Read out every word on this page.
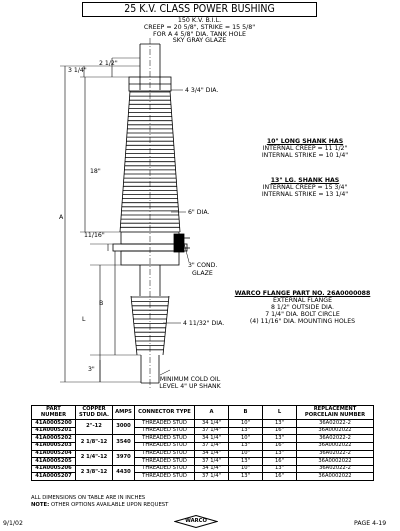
25 K.V. CLASS POWER BUSHING
150 K.V. B.I.L.
CREEP = 20 5/8", STRIKE = 15 5/8"
FOR A 4 5/8" DIA. TANK HOLE
SKY GRAY GLAZE
2 1/2"
3 1/4"
4 3/4" DIA.
18"
A
6" DIA.
11/16"
3" COND.
GLAZE
B
L
4 11/32" DIA.
3"
10" LONG SHANK HAS
INTERNAL CREEP = 11 1/2"
INTERNAL STRIKE = 10 1/4"
13" LG. SHANK HAS
INTERNAL CREEP = 15 3/4"
INTERNAL STRIKE = 13 1/4"
WARCO FLANGE PART NO. 26A0000088
EXTERNAL FLANGE
8 1/2" OUTSIDE DIA.
7 1/4" DIA. BOLT CIRCLE
(4) 11/16" DIA. MOUNTING HOLES
MINIMUM COLD OIL
LEVEL 4" UP SHANK
PART NUMBER	COPPER STUD DIA.	AMPS	CONNECTOR TYPE	A	B	L	REPLACEMENT PORCELAIN NUMBER
41A0005200	2"-12	3000	THREADED STUD	34 1/4"	10"	13"	36A02022-2
41A0005201			THREADED STUD	37 1/4"	13"	16"	36A0002022
41A0005202	2 1/8"-12	3540	THREADED STUD	34 1/4"	10"	13"	36A02022-2
41A0005203			THREADED STUD	37 1/4"	13"	16"	36A0002022
41A0005204	2 1/4"-12	3970	THREADED STUD	34 1/4"	10"	13"	36A02022-2
41A0005205			THREADED STUD	37 1/4"	13"	16"	36A0002022
41A0005206	2 3/8"-12	4430	THREADED STUD	34 1/4"	10"	13"	36A02022-2
41A0005207			THREADED STUD	37 1/4"	13"	16"	36A0002022
ALL DIMENSIONS ON TABLE ARE IN INCHES
NOTE: OTHER OPTIONS AVAILABLE UPON REQUEST
9/1/02	PAGE 4-19
WARCO
